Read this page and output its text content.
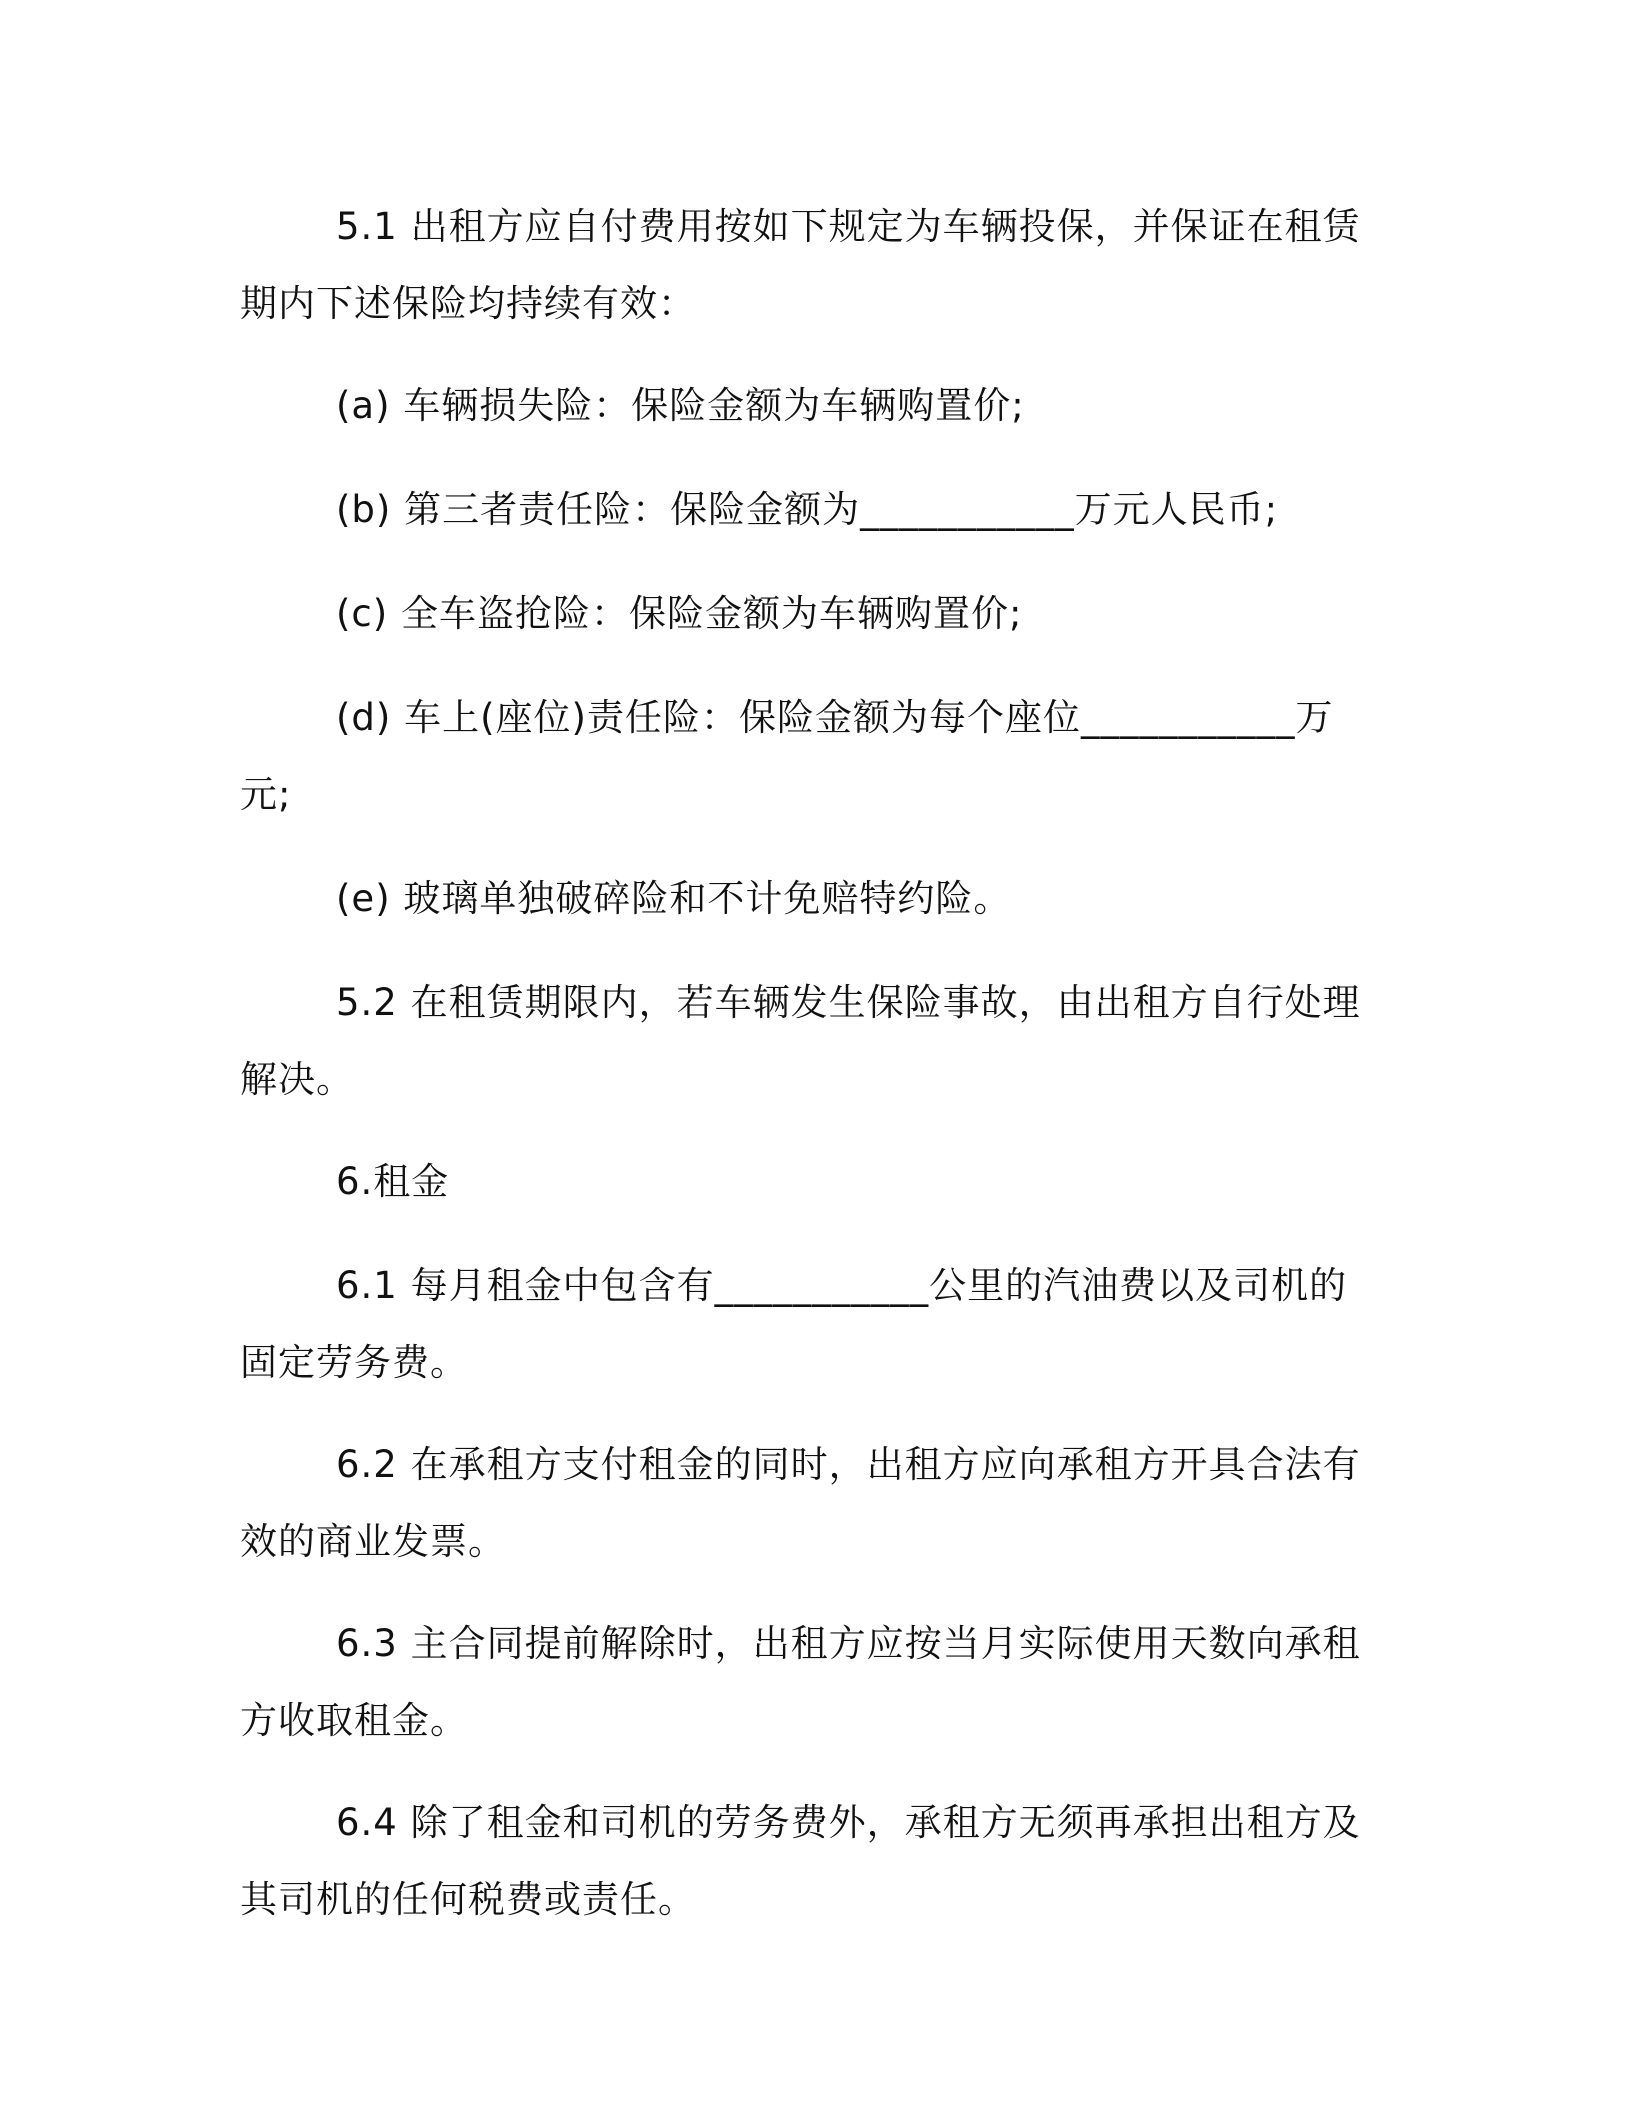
5.1 出租方应自付费用按如下规定为车辆投保，并保证在租赁期内下述保险均持续有效：

(a) 车辆损失险：保险金额为车辆购置价;

(b) 第三者责任险：保险金额为___________万元人民币;

(c) 全车盗抢险：保险金额为车辆购置价;

(d) 车上(座位)责任险：保险金额为每个座位___________万元;

(e) 玻璃单独破碎险和不计免赔特约险。

5.2 在租赁期限内，若车辆发生保险事故，由出租方自行处理解决。

6.租金

6.1 每月租金中包含有___________公里的汽油费以及司机的固定劳务费。

6.2 在承租方支付租金的同时，出租方应向承租方开具合法有效的商业发票。

6.3 主合同提前解除时，出租方应按当月实际使用天数向承租方收取租金。

6.4 除了租金和司机的劳务费外，承租方无须再承担出租方及其司机的任何税费或责任。
